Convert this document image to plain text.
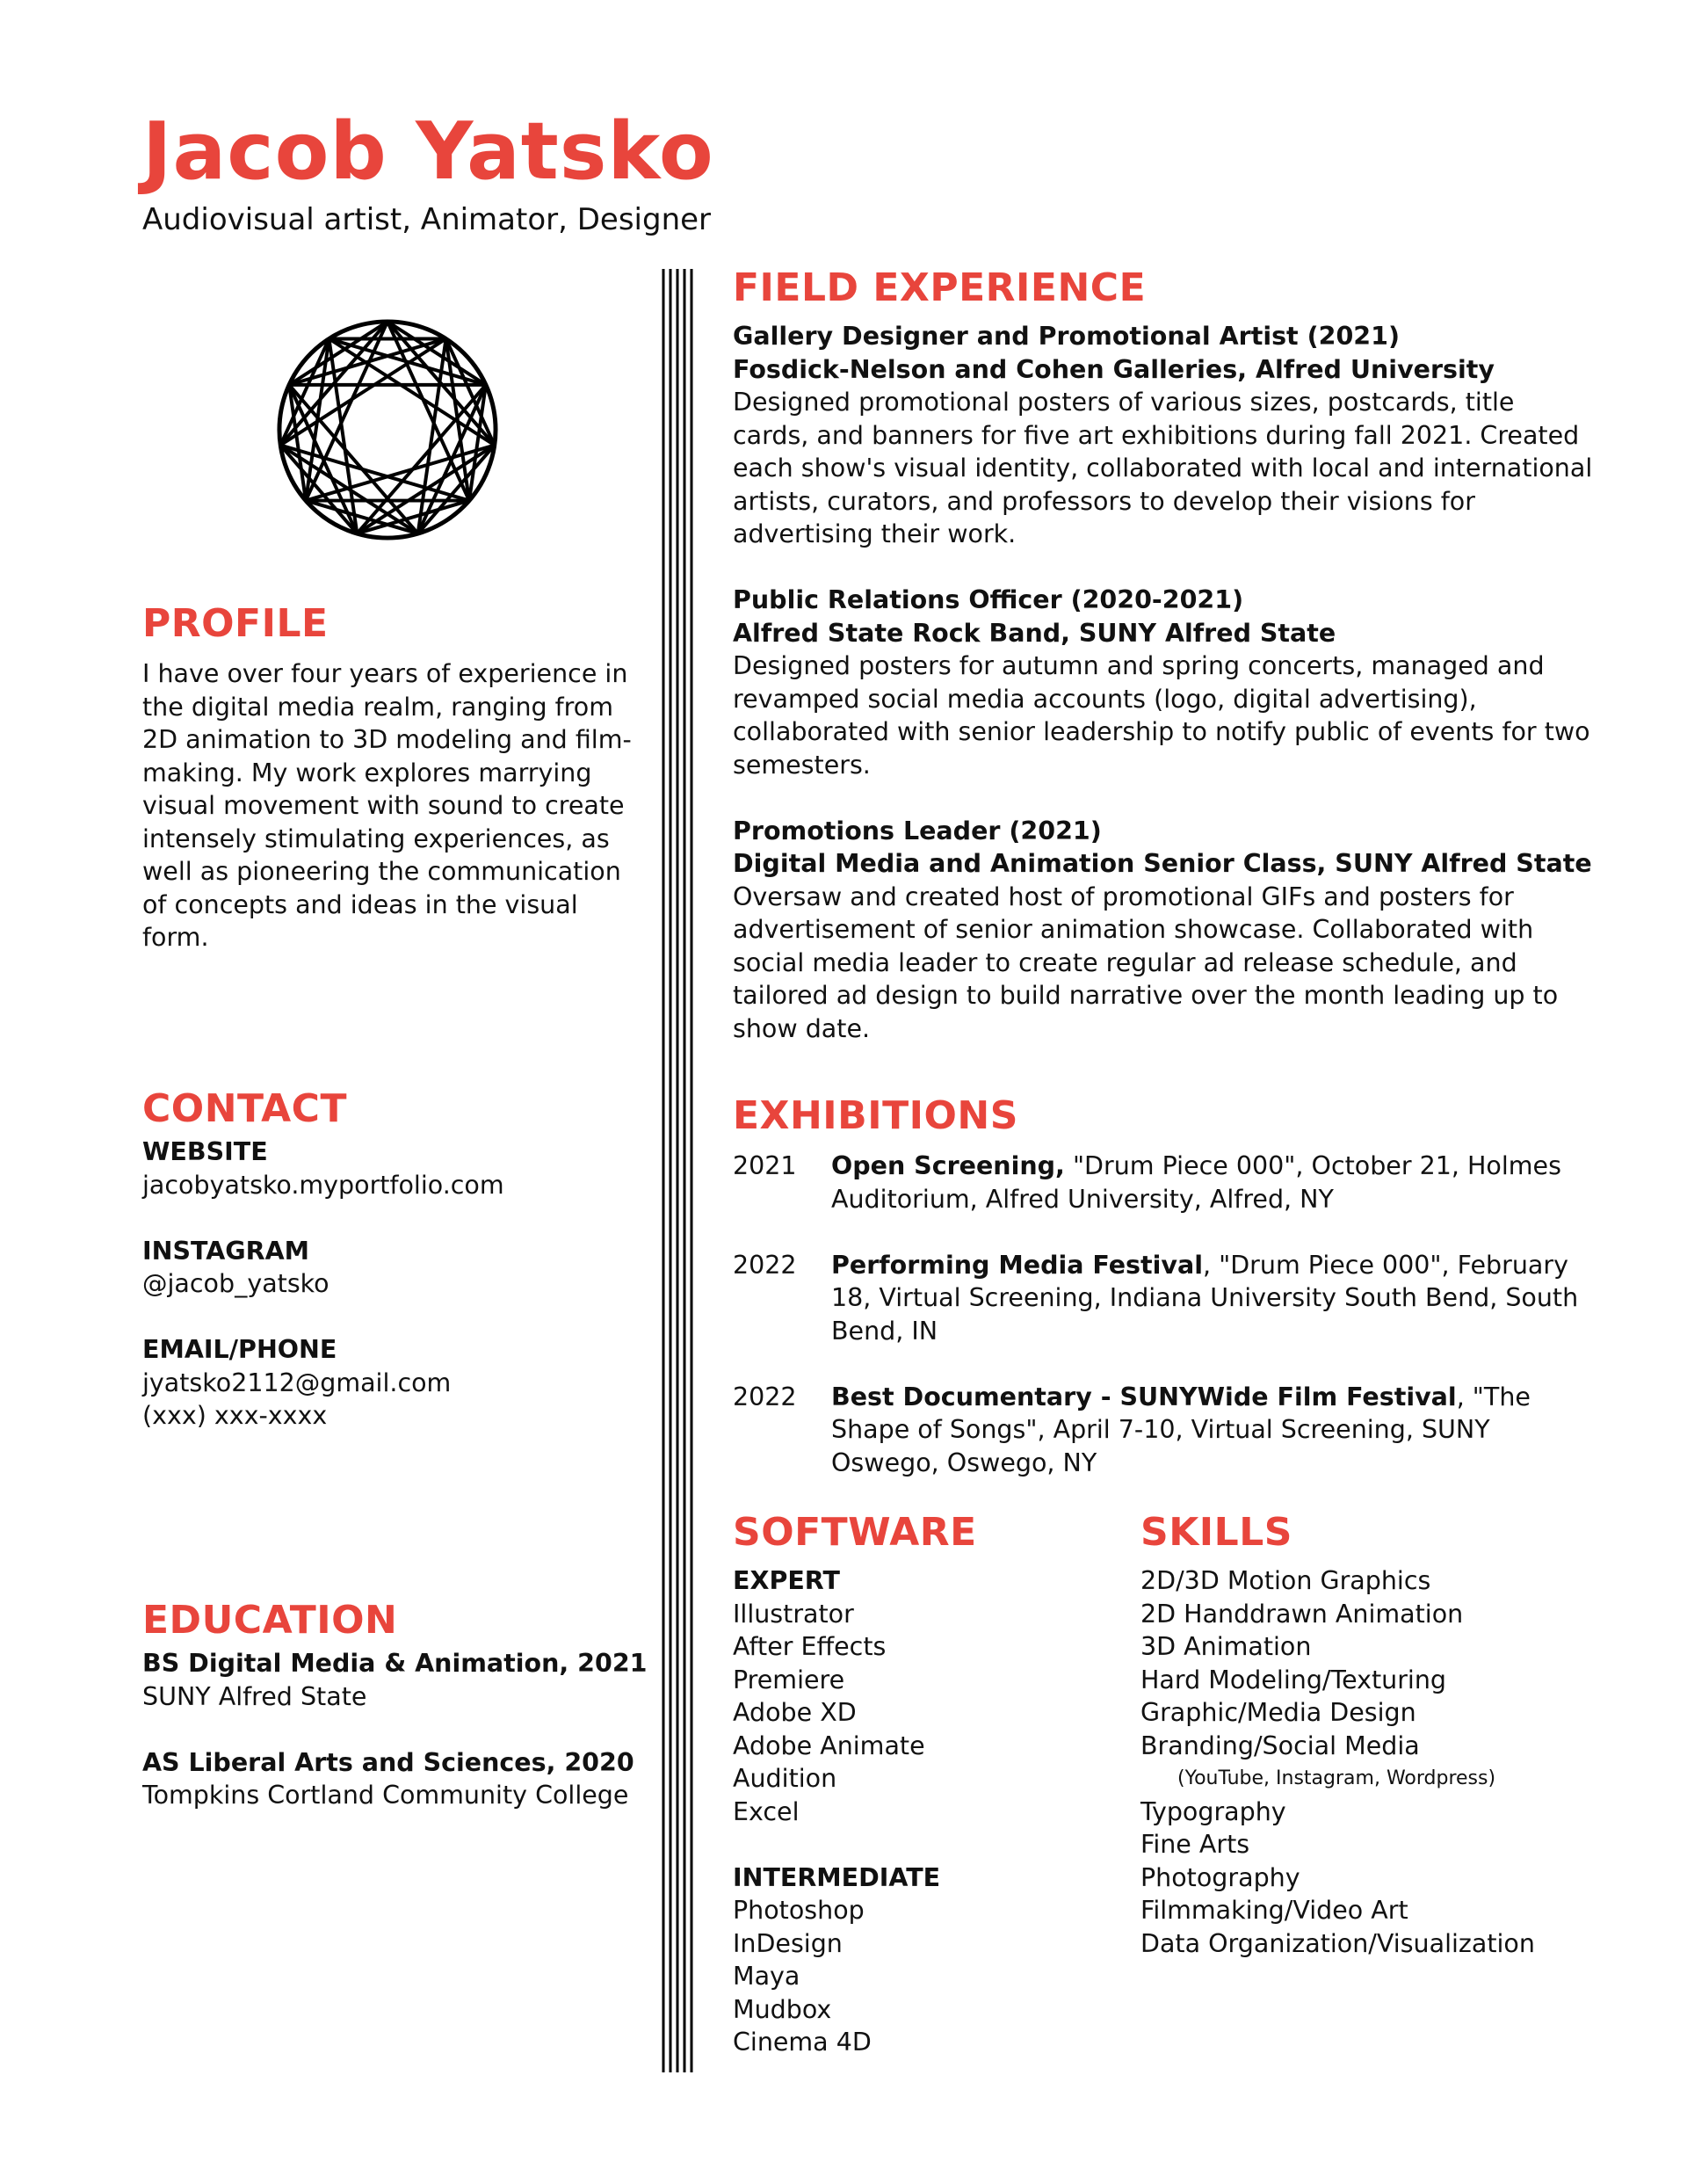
Jacob Yatsko
Audiovisual artist, Animator, Designer
PROFILE

I have over four years of experience in the digital media realm, ranging from 2D animation to 3D modeling and film-making. My work explores marrying visual movement with sound to create intensely stimulating experiences, as well as pioneering the communication of concepts and ideas in the visual form.

CONTACT

WEBSITE

jacobyatsko.myportfolio.com

INSTAGRAM

@jacob_yatsko

EMAIL/PHONE

jyatsko2112@gmail.com

(xxx) xxx-xxxx

EDUCATION

BS Digital Media & Animation, 2021

SUNY Alfred State

AS Liberal Arts and Sciences, 2020

Tompkins Cortland Community College

FIELD EXPERIENCE

Gallery Designer and Promotional Artist (2021)

Fosdick-Nelson and Cohen Galleries, Alfred University

Designed promotional posters of various sizes, postcards, title cards, and banners for five art exhibitions during fall 2021. Created each show's visual identity, collaborated with local and international artists, curators, and professors to develop their visions for advertising their work.

Public Relations Officer (2020-2021)

Alfred State Rock Band, SUNY Alfred State

Designed posters for autumn and spring concerts, managed and revamped social media accounts (logo, digital advertising), collaborated with senior leadership to notify public of events for two semesters.

Promotions Leader (2021)

Digital Media and Animation Senior Class, SUNY Alfred State

Oversaw and created host of promotional GIFs and posters for advertisement of senior animation showcase. Collaborated with social media leader to create regular ad release schedule, and tailored ad design to build narrative over the month leading up to show date.

EXHIBITIONS
2021	Open Screening, "Drum Piece 000", October 21, Holmes Auditorium, Alfred University, Alfred, NY
2022	Performing Media Festival, "Drum Piece 000", February 18, Virtual Screening, Indiana University South Bend, South Bend, IN
2022	Best Documentary - SUNYWide Film Festival, "The Shape of Songs", April 7-10, Virtual Screening, SUNY Oswego, Oswego, NY
SOFTWARE

EXPERT

Illustrator

After Effects

Premiere

Adobe XD

Adobe Animate

Audition

Excel

INTERMEDIATE

Photoshop

InDesign

Maya

Mudbox

Cinema 4D

SKILLS

2D/3D Motion Graphics

2D Handdrawn Animation

3D Animation

Hard Modeling/Texturing

Graphic/Media Design

Branding/Social Media

(YouTube, Instagram, Wordpress)

Typography

Fine Arts

Photography

Filmmaking/Video Art

Data Organization/Visualization
